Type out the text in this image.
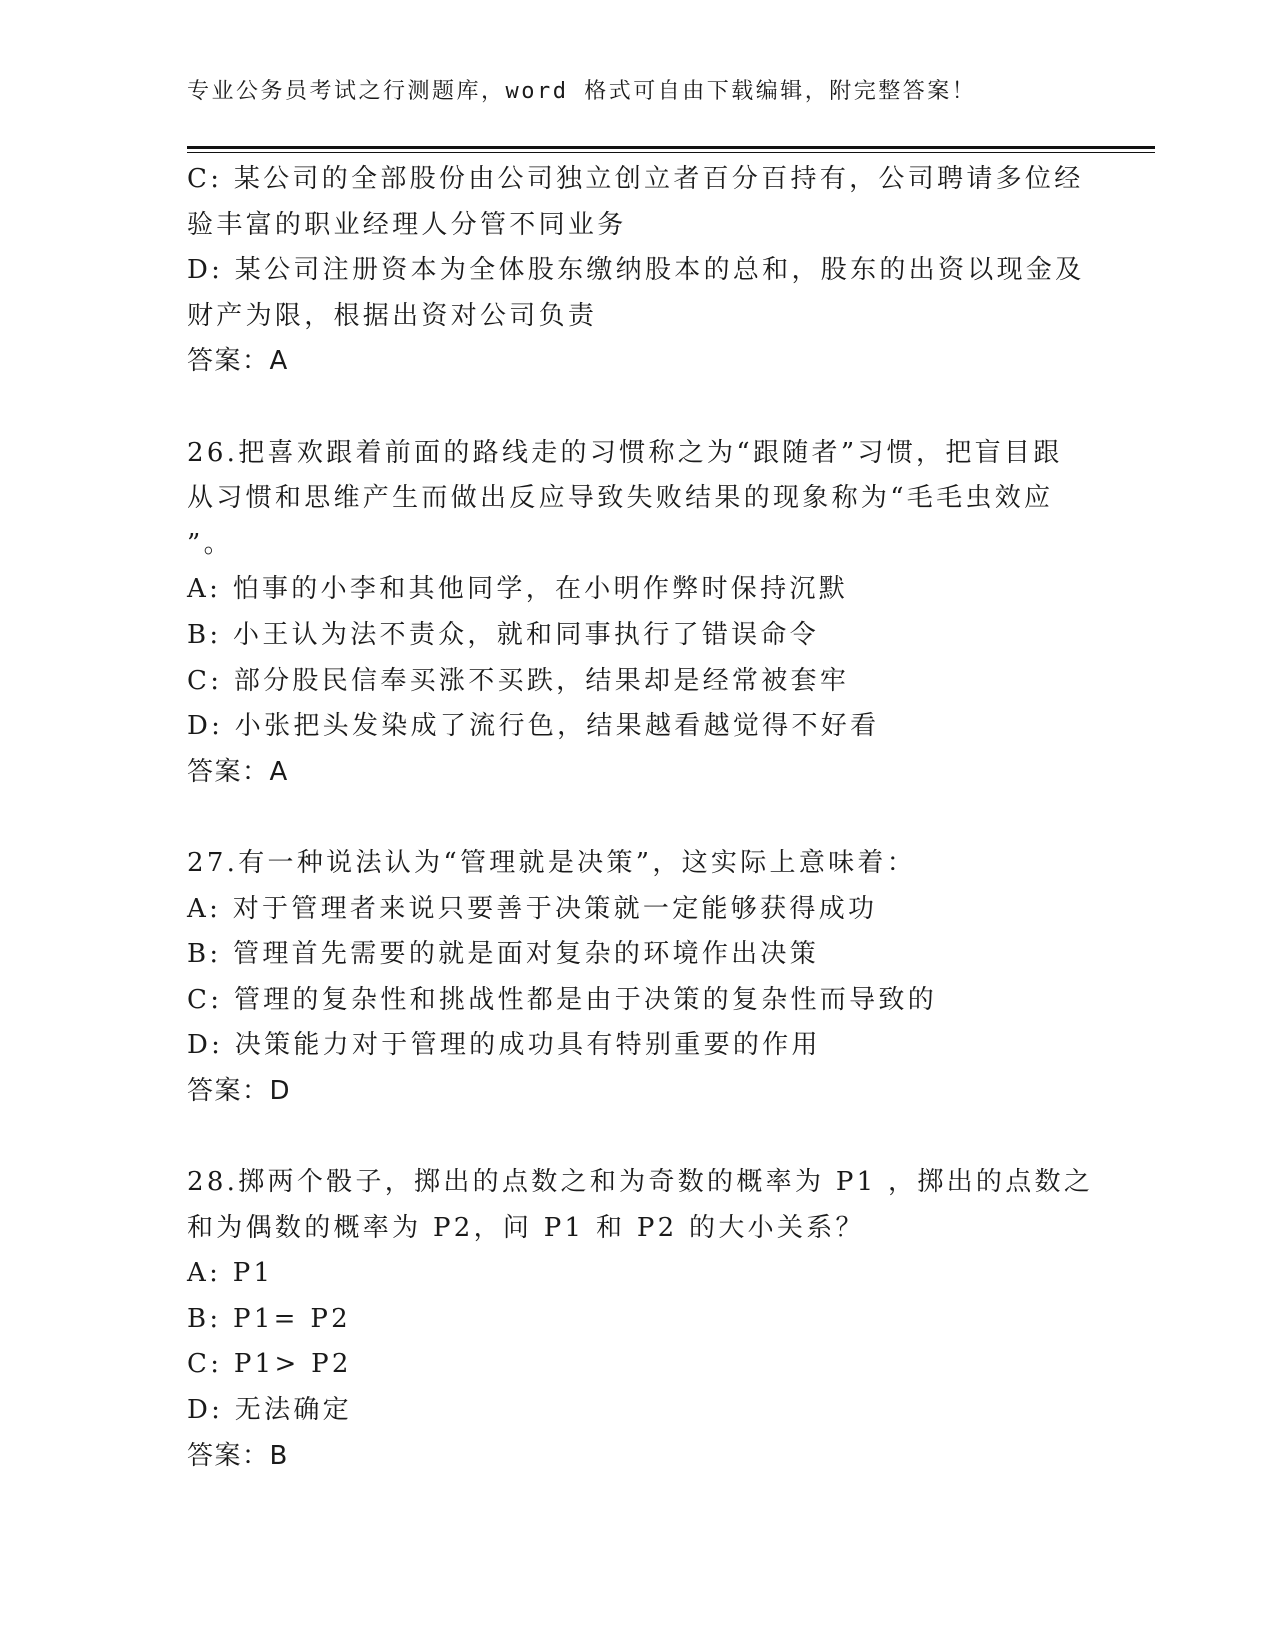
专业公务员考试之行测题库，word 格式可自由下载编辑，附完整答案！
C: 某公司的全部股份由公司独立创立者百分百持有，公司聘请多位经
验丰富的职业经理人分管不同业务
D: 某公司注册资本为全体股东缴纳股本的总和，股东的出资以现金及
财产为限，根据出资对公司负责
答案：A
26.把喜欢跟着前面的路线走的习惯称之为“跟随者”习惯，把盲目跟
从习惯和思维产生而做出反应导致失败结果的现象称为“毛毛虫效应
”。
A: 怕事的小李和其他同学，在小明作弊时保持沉默
B: 小王认为法不责众，就和同事执行了错误命令
C: 部分股民信奉买涨不买跌，结果却是经常被套牢
D: 小张把头发染成了流行色，结果越看越觉得不好看
答案：A
27.有一种说法认为“管理就是决策”，这实际上意味着：
A: 对于管理者来说只要善于决策就一定能够获得成功
B: 管理首先需要的就是面对复杂的环境作出决策
C: 管理的复杂性和挑战性都是由于决策的复杂性而导致的
D: 决策能力对于管理的成功具有特别重要的作用
答案：D
28.掷两个骰子，掷出的点数之和为奇数的概率为 P1 ，掷出的点数之
和为偶数的概率为 P2，问 P1 和 P2 的大小关系？
A: P1
B: P1= P2
C: P1> P2
D: 无法确定
答案：B
